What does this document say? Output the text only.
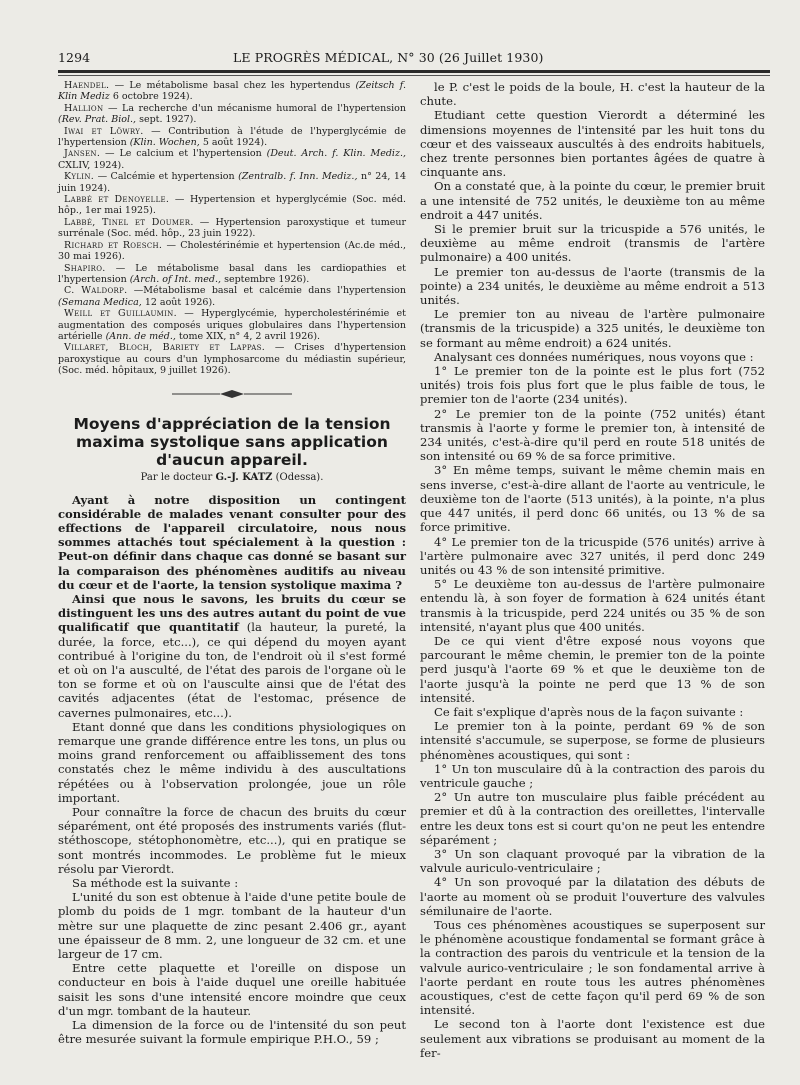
1294	LE PROGRÈS MÉDICAL, N° 30 (26 Juillet 1930)

Haendel. — Le métabolisme basal chez les hypertendus (Zeitsch f. Klin Mediz 6 octobre 1924).

Hallion — La recherche d'un mécanisme humoral de l'hypertension (Rev. Prat. Biol., sept. 1927).

Iwai et Löwry. — Contribution à l'étude de l'hyperglycémie de l'hypertension (Klin. Wochen, 5 août 1924).

Jansen. — Le calcium et l'hypertension (Deut. Arch. f. Klin. Mediz., CXLIV, 1924).

Kylin. — Calcémie et hypertension (Zentralb. f. Inn. Mediz., n° 24, 14 juin 1924).

Labbé et Denoyelle. — Hypertension et hyperglycémie (Soc. méd. hôp., 1er mai 1925).

Labbé, Tinel et Doumer. — Hypertension paroxystique et tumeur surrénale (Soc. méd. hôp., 23 juin 1922).

Richard et Roesch. — Cholestérinémie et hypertension (Ac.de méd., 30 mai 1926).

Shapiro. — Le métabolisme basal dans les cardiopathies et l'hypertension (Arch. of Int. med., septembre 1926).

C. Waldorp. —Métabolisme basal et calcémie dans l'hypertension (Semana Medica, 12 août 1926).

Weill et Guillaumin. — Hyperglycémie, hypercholestérinémie et augmentation des composés uriques globulaires dans l'hypertension artérielle (Ann. de méd., tome XIX, n° 4, 2 avril 1926).

Villaret, Bloch, Bariety et Lappas. — Crises d'hypertension paroxystique au cours d'un lymphosarcome du médiastin supérieur, (Soc. méd. hôpitaux, 9 juillet 1926).

Moyens d'appréciation de la tension maxima systolique sans application d'aucun appareil.
Par le docteur G.-J. KATZ (Odessa).

Ayant à notre disposition un contingent considérable de malades venant consulter pour des effections de l'appareil circulatoire, nous nous sommes attachés tout spécialement à la question : Peut-on définir dans chaque cas donné se basant sur la comparaison des phénomènes auditifs au niveau du cœur et de l'aorte, la tension systolique maxima ?

Ainsi que nous le savons, les bruits du cœur se distinguent les uns des autres autant du point de vue qualificatif que quantitatif (la hauteur, la pureté, la durée, la force, etc...), ce qui dépend du moyen ayant contribué à l'origine du ton, de l'endroit où il s'est formé et où on l'a ausculté, de l'état des parois de l'organe où le ton se forme et où on l'ausculte ainsi que de l'état des cavités adjacentes (état de l'estomac, présence de cavernes pulmonaires, etc...).

Etant donné que dans les conditions physiologiques on remarque une grande différence entre les tons, un plus ou moins grand renforcement ou affaiblissement des tons constatés chez le même individu à des auscultations répétées ou à l'observation prolongée, joue un rôle important.

Pour connaître la force de chacun des bruits du cœur séparément, ont été proposés des instruments variés (flut-stéthoscope, stétophonomètre, etc...), qui en pratique se sont montrés incommodes. Le problème fut le mieux résolu par Vierordt.

Sa méthode est la suivante :

L'unité du son est obtenue à l'aide d'une petite boule de plomb du poids de 1 mgr. tombant de la hauteur d'un mètre sur une plaquette de zinc pesant 2.406 gr., ayant une épaisseur de 8 mm. 2, une longueur de 32 cm. et une largeur de 17 cm.

Entre cette plaquette et l'oreille on dispose un conducteur en bois à l'aide duquel une oreille habituée saisit les sons d'une intensité encore moindre que ceux d'un mgr. tombant de la hauteur.

La dimension de la force ou de l'intensité du son peut être mesurée suivant la formule empirique P.H.O., 59 ;

le P. c'est le poids de la boule, H. c'est la hauteur de la chute.

Etudiant cette question Vierordt a déterminé les dimensions moyennes de l'intensité par les huit tons du cœur et des vaisseaux auscultés à des endroits habituels, chez trente personnes bien portantes âgées de quatre à cinquante ans.

On a constaté que, à la pointe du cœur, le premier bruit a une intensité de 752 unités, le deuxième ton au même endroit a 447 unités.

Si le premier bruit sur la tricuspide a 576 unités, le deuxième au même endroit (transmis de l'artère pulmonaire) a 400 unités.

Le premier ton au-dessus de l'aorte (transmis de la pointe) a 234 unités, le deuxième au même endroit a 513 unités.

Le premier ton au niveau de l'artère pulmonaire (transmis de la tricuspide) a 325 unités, le deuxième ton se formant au même endroit) a 624 unités.

Analysant ces données numériques, nous voyons que :

1° Le premier ton de la pointe est le plus fort (752 unités) trois fois plus fort que le plus faible de tous, le premier ton de l'aorte (234 unités).

2° Le premier ton de la pointe (752 unités) étant transmis à l'aorte y forme le premier ton, à intensité de 234 unités, c'est-à-dire qu'il perd en route 518 unités de son intensité ou 69 % de sa force primitive.

3° En même temps, suivant le même chemin mais en sens inverse, c'est-à-dire allant de l'aorte au ventricule, le deuxième ton de l'aorte (513 unités), à la pointe, n'a plus que 447 unités, il perd donc 66 unités, ou 13 % de sa force primitive.

4° Le premier ton de la tricuspide (576 unités) arrive à l'artère pulmonaire avec 327 unités, il perd donc 249 unités ou 43 % de son intensité primitive.

5° Le deuxième ton au-dessus de l'artère pulmonaire entendu là, à son foyer de formation à 624 unités étant transmis à la tricuspide, perd 224 unités ou 35 % de son intensité, n'ayant plus que 400 unités.

De ce qui vient d'être exposé nous voyons que parcourant le même chemin, le premier ton de la pointe perd jusqu'à l'aorte 69 % et que le deuxième ton de l'aorte jusqu'à la pointe ne perd que 13 % de son intensité.

Ce fait s'explique d'après nous de la façon suivante :

Le premier ton à la pointe, perdant 69 % de son intensité s'accumule, se superpose, se forme de plusieurs phénomènes acoustiques, qui sont :

1° Un ton musculaire dû à la contraction des parois du ventricule gauche ;

2° Un autre ton musculaire plus faible précédent au premier et dû à la contraction des oreillettes, l'intervalle entre les deux tons est si court qu'on ne peut les entendre séparément ;

3° Un son claquant provoqué par la vibration de la valvule auriculo-ventriculaire ;

4° Un son provoqué par la dilatation des débuts de l'aorte au moment où se produit l'ouverture des valvules sémilunaire de l'aorte.

Tous ces phénomènes acoustiques se superposent sur le phénomène acoustique fondamental se formant grâce à la contraction des parois du ventricule et la tension de la valvule aurico-ventriculaire ; le son fondamental arrive à l'aorte perdant en route tous les autres phénomènes acoustiques, c'est de cette façon qu'il perd 69 % de son intensité.

Le second ton à l'aorte dont l'existence est due seulement aux vibrations se produisant au moment de la fer-
